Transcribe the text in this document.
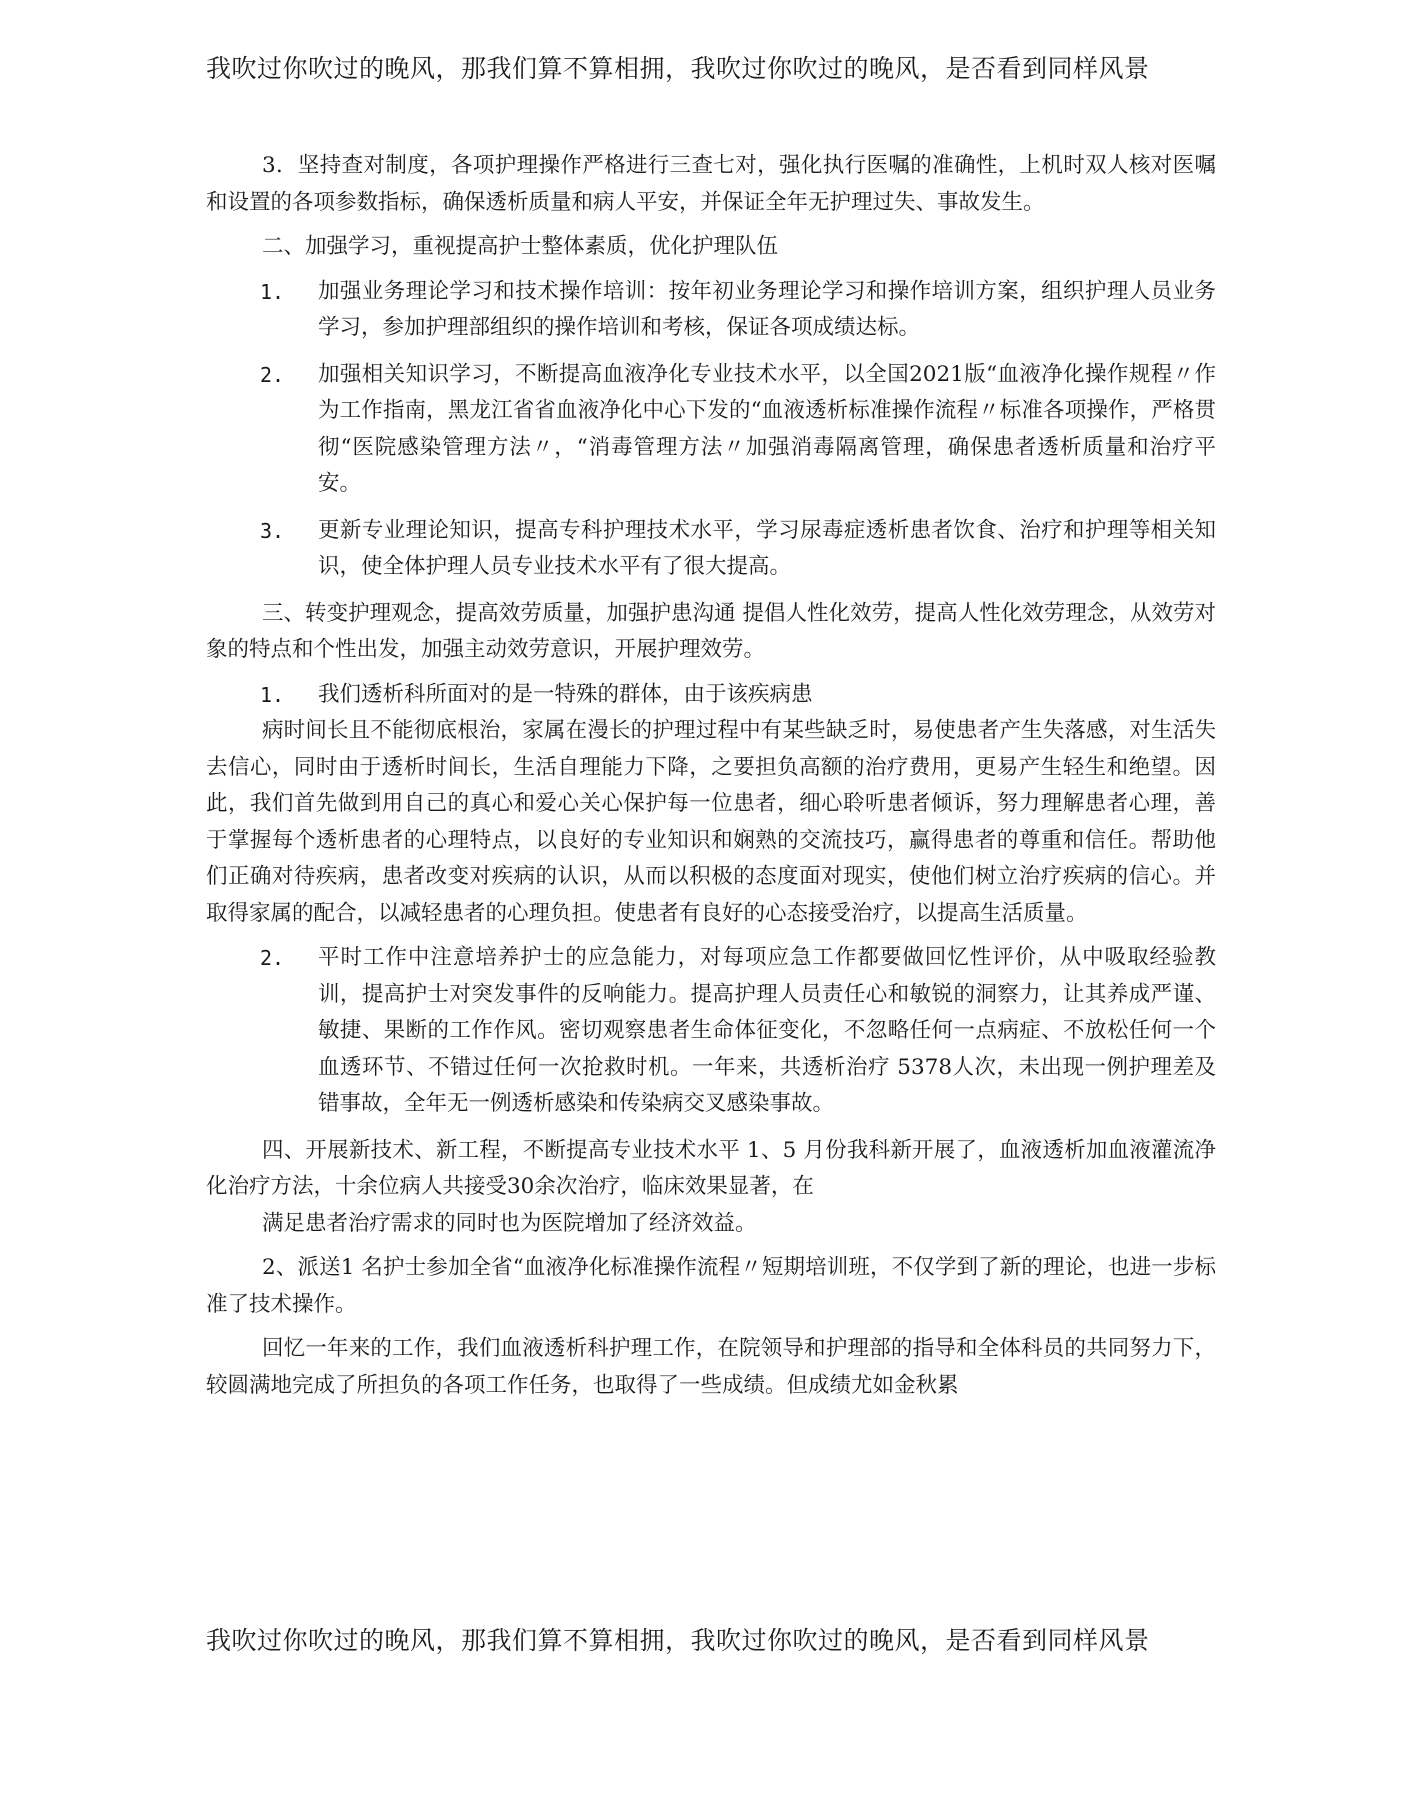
我吹过你吹过的晚风，那我们算不算相拥，我吹过你吹过的晚风，是否看到同样风景

3．坚持查对制度，各项护理操作严格进行三查七对，强化执行医嘱的准确性，上机时双人核对医嘱和设置的各项参数指标，确保透析质量和病人平安，并保证全年无护理过失、事故发生。

二、加强学习，重视提高护士整体素质，优化护理队伍

1.	加强业务理论学习和技术操作培训：按年初业务理论学习和操作培训方案，组织护理人员业务学习，参加护理部组织的操作培训和考核，保证各项成绩达标。
2.	加强相关知识学习，不断提高血液净化专业技术水平，以全国2021版“血液净化操作规程〃作为工作指南，黑龙江省省血液净化中心下发的“血液透析标准操作流程〃标准各项操作，严格贯彻“医院感染管理方法〃，“消毒管理方法〃加强消毒隔离管理，确保患者透析质量和治疗平安。
3.	更新专业理论知识，提高专科护理技术水平，学习尿毒症透析患者饮食、治疗和护理等相关知识，使全体护理人员专业技术水平有了很大提高。

三、转变护理观念，提高效劳质量，加强护患沟通 提倡人性化效劳，提高人性化效劳理念，从效劳对象的特点和个性出发，加强主动效劳意识，开展护理效劳。

1.	我们透析科所面对的是一特殊的群体，由于该疾病患

病时间长且不能彻底根治，家属在漫长的护理过程中有某些缺乏时，易使患者产生失落感，对生活失去信心，同时由于透析时间长，生活自理能力下降，之要担负高额的治疗费用，更易产生轻生和绝望。因此，我们首先做到用自己的真心和爱心关心保护每一位患者，细心聆听患者倾诉，努力理解患者心理，善于掌握每个透析患者的心理特点，以良好的专业知识和娴熟的交流技巧，赢得患者的尊重和信任。帮助他们正确对待疾病，患者改变对疾病的认识，从而以积极的态度面对现实，使他们树立治疗疾病的信心。并取得家属的配合，以减轻患者的心理负担。使患者有良好的心态接受治疗，以提高生活质量。

2.	平时工作中注意培养护士的应急能力，对每项应急工作都要做回忆性评价，从中吸取经验教训，提高护士对突发事件的反响能力。提高护理人员责任心和敏锐的洞察力，让其养成严谨、敏捷、果断的工作作风。密切观察患者生命体征变化，不忽略任何一点病症、不放松任何一个血透环节、不错过任何一次抢救时机。一年来，共透析治疗 5378人次，未出现一例护理差及错事故，全年无一例透析感染和传染病交叉感染事故。

四、开展新技术、新工程，不断提高专业技术水平 1、5 月份我科新开展了，血液透析加血液灌流净化治疗方法，十余位病人共接受30余次治疗，临床效果显著，在

满足患者治疗需求的同时也为医院增加了经济效益。

2、派送1 名护士参加全省“血液净化标准操作流程〃短期培训班，不仅学到了新的理论，也进一步标准了技术操作。

回忆一年来的工作，我们血液透析科护理工作，在院领导和护理部的指导和全体科员的共同努力下，较圆满地完成了所担负的各项工作任务，也取得了一些成绩。但成绩尤如金秋累

我吹过你吹过的晚风，那我们算不算相拥，我吹过你吹过的晚风，是否看到同样风景
